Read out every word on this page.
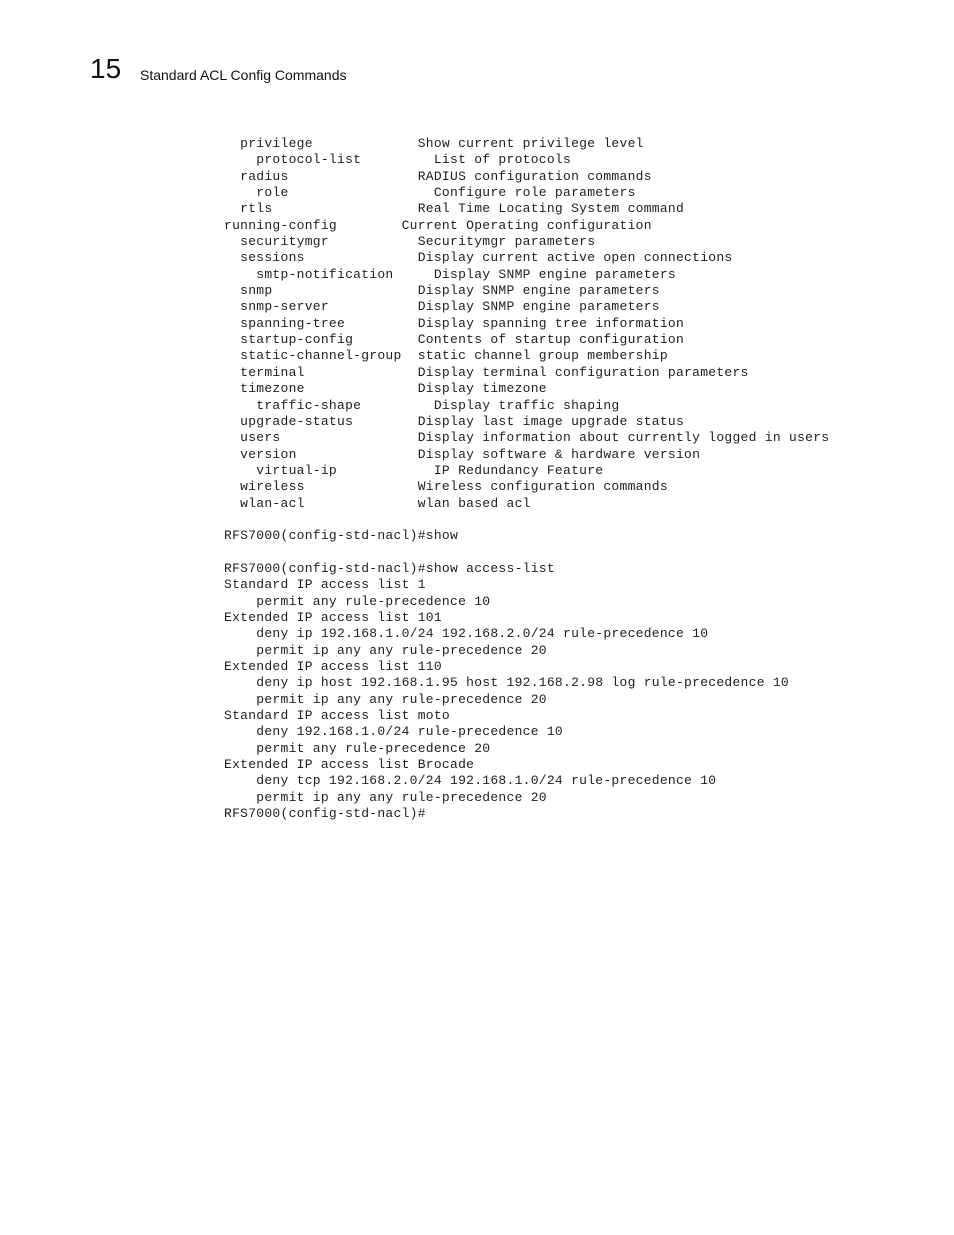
15 Standard ACL Config Commands
privilege             Show current privilege level
protocol-list         List of protocols
radius                RADIUS configuration commands
role                  Configure role parameters
rtls                  Real Time Locating System command
running-config        Current Operating configuration
securitymgr           Securitymgr parameters
sessions              Display current active open connections
smtp-notification     Display SNMP engine parameters
snmp                  Display SNMP engine parameters
snmp-server           Display SNMP engine parameters
spanning-tree         Display spanning tree information
startup-config        Contents of startup configuration
static-channel-group  static channel group membership
terminal              Display terminal configuration parameters
timezone              Display timezone
traffic-shape         Display traffic shaping
upgrade-status        Display last image upgrade status
users                 Display information about currently logged in users
version               Display software & hardware version
virtual-ip            IP Redundancy Feature
wireless              Wireless configuration commands
wlan-acl              wlan based acl
RFS7000(config-std-nacl)#show
RFS7000(config-std-nacl)#show access-list
Standard IP access list 1
permit any rule-precedence 10
Extended IP access list 101
deny ip 192.168.1.0/24 192.168.2.0/24 rule-precedence 10
permit ip any any rule-precedence 20
Extended IP access list 110
deny ip host 192.168.1.95 host 192.168.2.98 log rule-precedence 10
permit ip any any rule-precedence 20
Standard IP access list moto
deny 192.168.1.0/24 rule-precedence 10
permit any rule-precedence 20
Extended IP access list Brocade
deny tcp 192.168.2.0/24 192.168.1.0/24 rule-precedence 10
permit ip any any rule-precedence 20
RFS7000(config-std-nacl)#
